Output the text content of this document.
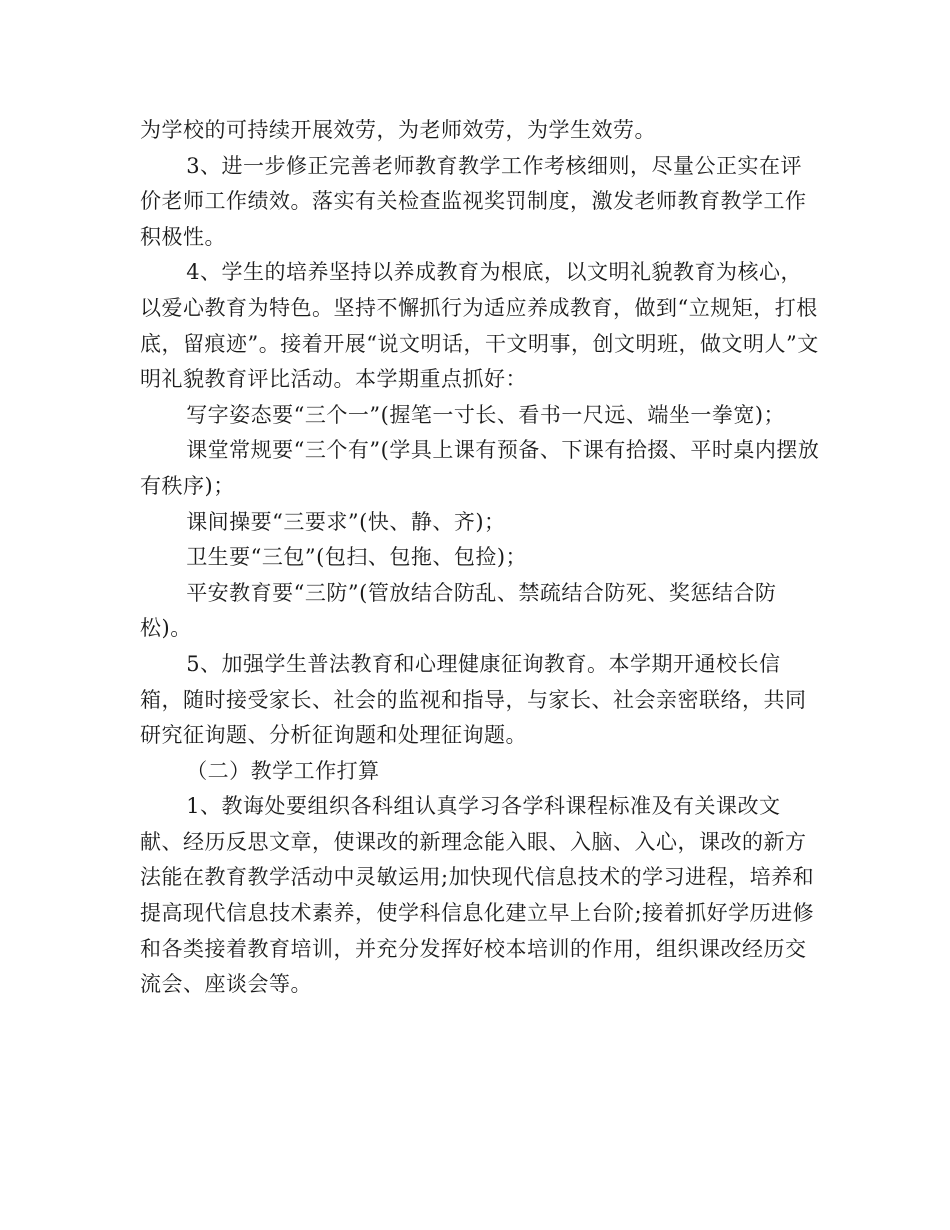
为学校的可持续开展效劳，为老师效劳，为学生效劳。

3、进一步修正完善老师教育教学工作考核细则，尽量公正实在评价老师工作绩效。落实有关检查监视奖罚制度，激发老师教育教学工作积极性。

4、学生的培养坚持以养成教育为根底，以文明礼貌教育为核心，以爱心教育为特色。坚持不懈抓行为适应养成教育，做到“立规矩，打根底，留痕迹”。接着开展“说文明话，干文明事，创文明班，做文明人”文明礼貌教育评比活动。本学期重点抓好：

写字姿态要“三个一”(握笔一寸长、看书一尺远、端坐一拳宽)；

课堂常规要“三个有”(学具上课有预备、下课有拾掇、平时桌内摆放有秩序)；

课间操要“三要求”(快、静、齐)；

卫生要“三包”(包扫、包拖、包捡)；

平安教育要“三防”(管放结合防乱、禁疏结合防死、奖惩结合防松)。

5、加强学生普法教育和心理健康征询教育。本学期开通校长信箱，随时接受家长、社会的监视和指导，与家长、社会亲密联络，共同研究征询题、分析征询题和处理征询题。

（二）教学工作打算

1、教诲处要组织各科组认真学习各学科课程标准及有关课改文献、经历反思文章，使课改的新理念能入眼、入脑、入心，课改的新方法能在教育教学活动中灵敏运用;加快现代信息技术的学习进程，培养和提高现代信息技术素养，使学科信息化建立早上台阶;接着抓好学历进修和各类接着教育培训，并充分发挥好校本培训的作用，组织课改经历交流会、座谈会等。
